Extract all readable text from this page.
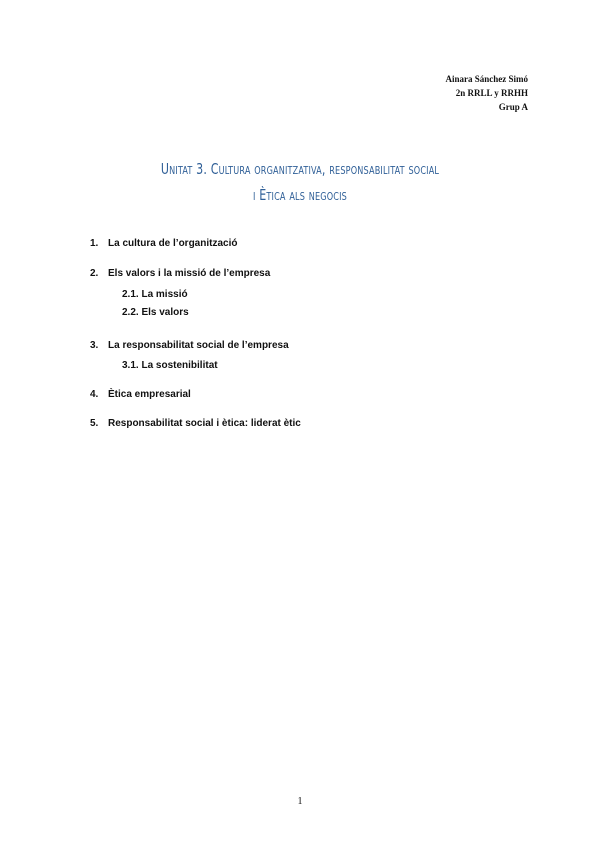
Ainara Sánchez Simó
2n RRLL y RRHH
Grup A
Unitat 3. Cultura organitzativa, responsabilitat social
i Ètica als negocis
1. La cultura de l’organització
2. Els valors i la missió de l’empresa
2.1. La missió
2.2. Els valors
3. La responsabilitat social de l’empresa
3.1. La sostenibilitat
4. Ètica empresarial
5. Responsabilitat social i ètica: liderat ètic
1
